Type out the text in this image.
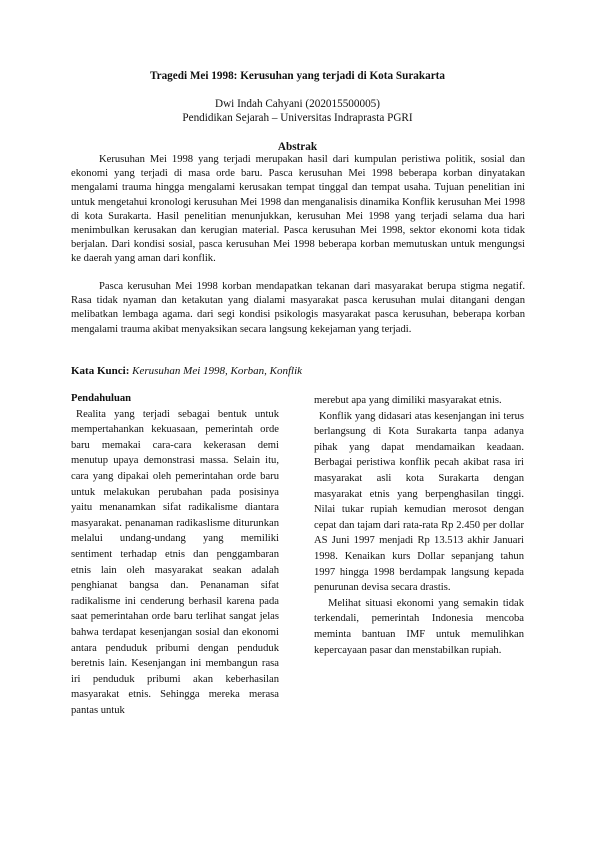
Tragedi Mei 1998: Kerusuhan yang terjadi di Kota Surakarta
Dwi Indah Cahyani (202015500005)
Pendidikan Sejarah – Universitas Indraprasta PGRI
Abstrak

Kerusuhan Mei 1998 yang terjadi merupakan hasil dari kumpulan peristiwa politik, sosial dan ekonomi yang terjadi di masa orde baru. Pasca kerusuhan Mei 1998 beberapa korban dinyatakan mengalami trauma hingga mengalami kerusakan tempat tinggal dan tempat usaha. Tujuan penelitian ini untuk mengetahui kronologi kerusuhan Mei 1998 dan menganalisis dinamika Konflik kerusuhan Mei 1998 di kota Surakarta. Hasil penelitian menunjukkan, kerusuhan Mei 1998 yang terjadi selama dua hari menimbulkan kerusakan dan kerugian material. Pasca kerusuhan Mei 1998, sektor ekonomi kota tidak berjalan. Dari kondisi sosial, pasca kerusuhan Mei 1998 beberapa korban memutuskan untuk mengungsi ke daerah yang aman dari konflik.

Pasca kerusuhan Mei 1998 korban mendapatkan tekanan dari masyarakat berupa stigma negatif. Rasa tidak nyaman dan ketakutan yang dialami masyarakat pasca kerusuhan mulai ditangani dengan melibatkan lembaga agama. dari segi kondisi psikologis masyarakat pasca kerusuhan, beberapa korban mengalami trauma akibat menyaksikan secara langsung kekejaman yang terjadi.

Kata Kunci: Kerusuhan Mei 1998, Korban, Konflik

Pendahuluan

Realita yang terjadi sebagai bentuk untuk mempertahankan kekuasaan, pemerintah orde baru memakai cara-cara kekerasan demi menutup upaya demonstrasi massa. Selain itu, cara yang dipakai oleh pemerintahan orde baru untuk melakukan perubahan pada posisinya yaitu menanamkan sifat radikalisme diantara masyarakat. penanaman radikaslisme diturunkan melalui undang-undang yang memiliki sentiment terhadap etnis dan penggambaran etnis lain oleh masyarakat seakan adalah penghianat bangsa dan. Penanaman sifat radikalisme ini cenderung berhasil karena pada saat pemerintahan orde baru terlihat sangat jelas bahwa terdapat kesenjangan sosial dan ekonomi antara penduduk pribumi dengan penduduk beretnis lain. Kesenjangan ini membangun rasa iri penduduk pribumi akan keberhasilan masyarakat etnis. Sehingga mereka merasa pantas untuk

merebut apa yang dimiliki masyarakat etnis.

Konflik yang didasari atas kesenjangan ini terus berlangsung di Kota Surakarta tanpa adanya pihak yang dapat mendamaikan keadaan. Berbagai peristiwa konflik pecah akibat rasa iri masyarakat asli kota Surakarta dengan masyarakat etnis yang berpenghasilan tinggi. Nilai tukar rupiah kemudian merosot dengan cepat dan tajam dari rata-rata Rp 2.450 per dollar AS Juni 1997 menjadi Rp 13.513 akhir Januari 1998. Kenaikan kurs Dollar sepanjang tahun 1997 hingga 1998 berdampak langsung kepada penurunan devisa secara drastis.

Melihat situasi ekonomi yang semakin tidak terkendali, pemerintah Indonesia mencoba meminta bantuan IMF untuk memulihkan kepercayaan pasar dan menstabilkan rupiah.
